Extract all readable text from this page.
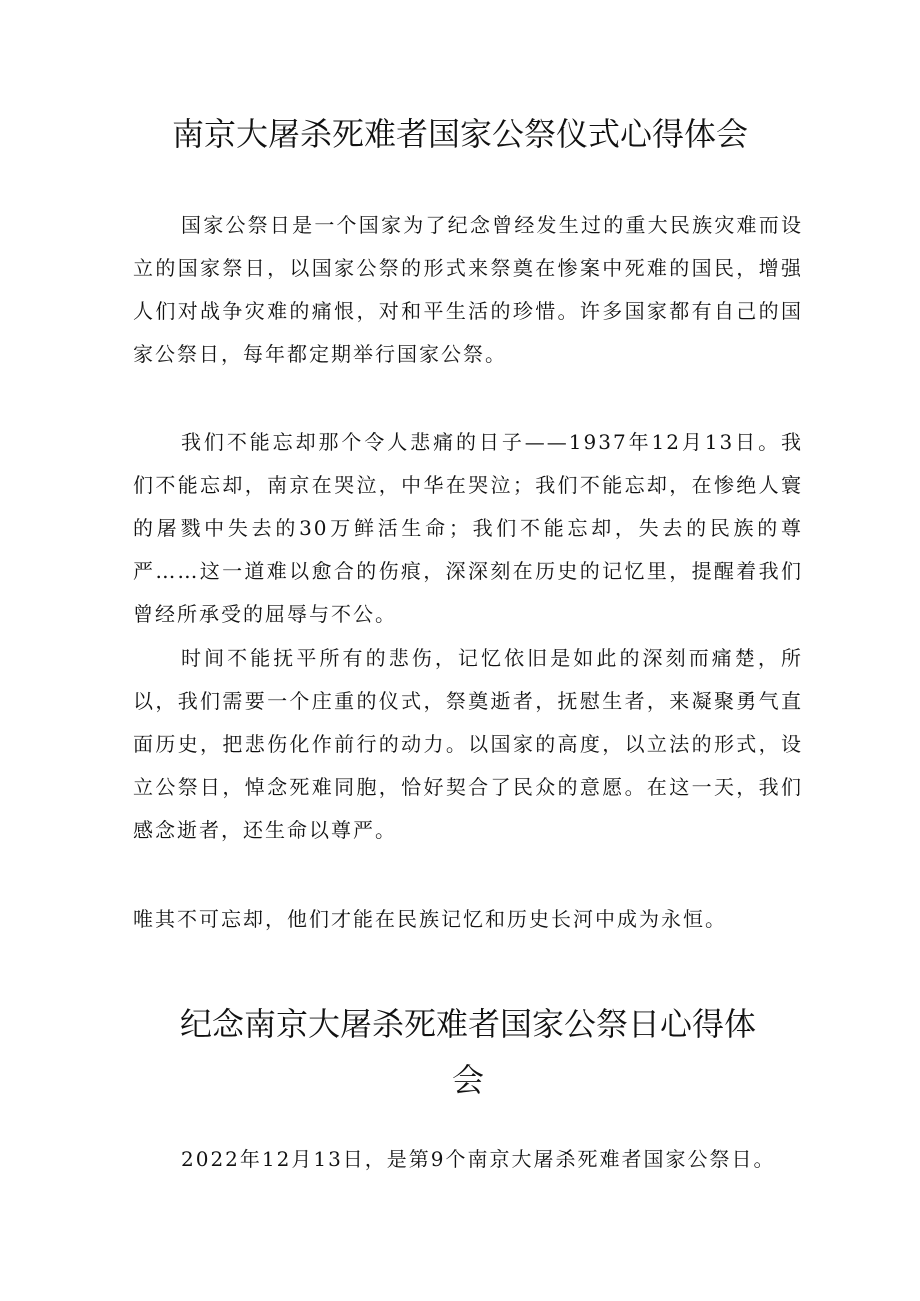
南京大屠杀死难者国家公祭仪式心得体会

国家公祭日是一个国家为了纪念曾经发生过的重大民族灾难而设立的国家祭日，以国家公祭的形式来祭奠在惨案中死难的国民，增强人们对战争灾难的痛恨，对和平生活的珍惜。许多国家都有自己的国家公祭日，每年都定期举行国家公祭。

我们不能忘却那个令人悲痛的日子——1937年12月13日。我们不能忘却，南京在哭泣，中华在哭泣；我们不能忘却，在惨绝人寰的屠戮中失去的30万鲜活生命；我们不能忘却，失去的民族的尊严……这一道难以愈合的伤痕，深深刻在历史的记忆里，提醒着我们曾经所承受的屈辱与不公。

时间不能抚平所有的悲伤，记忆依旧是如此的深刻而痛楚，所以，我们需要一个庄重的仪式，祭奠逝者，抚慰生者，来凝聚勇气直面历史，把悲伤化作前行的动力。以国家的高度，以立法的形式，设立公祭日，悼念死难同胞，恰好契合了民众的意愿。在这一天，我们感念逝者，还生命以尊严。

唯其不可忘却，他们才能在民族记忆和历史长河中成为永恒。

纪念南京大屠杀死难者国家公祭日心得体会

2022年12月13日，是第9个南京大屠杀死难者国家公祭日。
